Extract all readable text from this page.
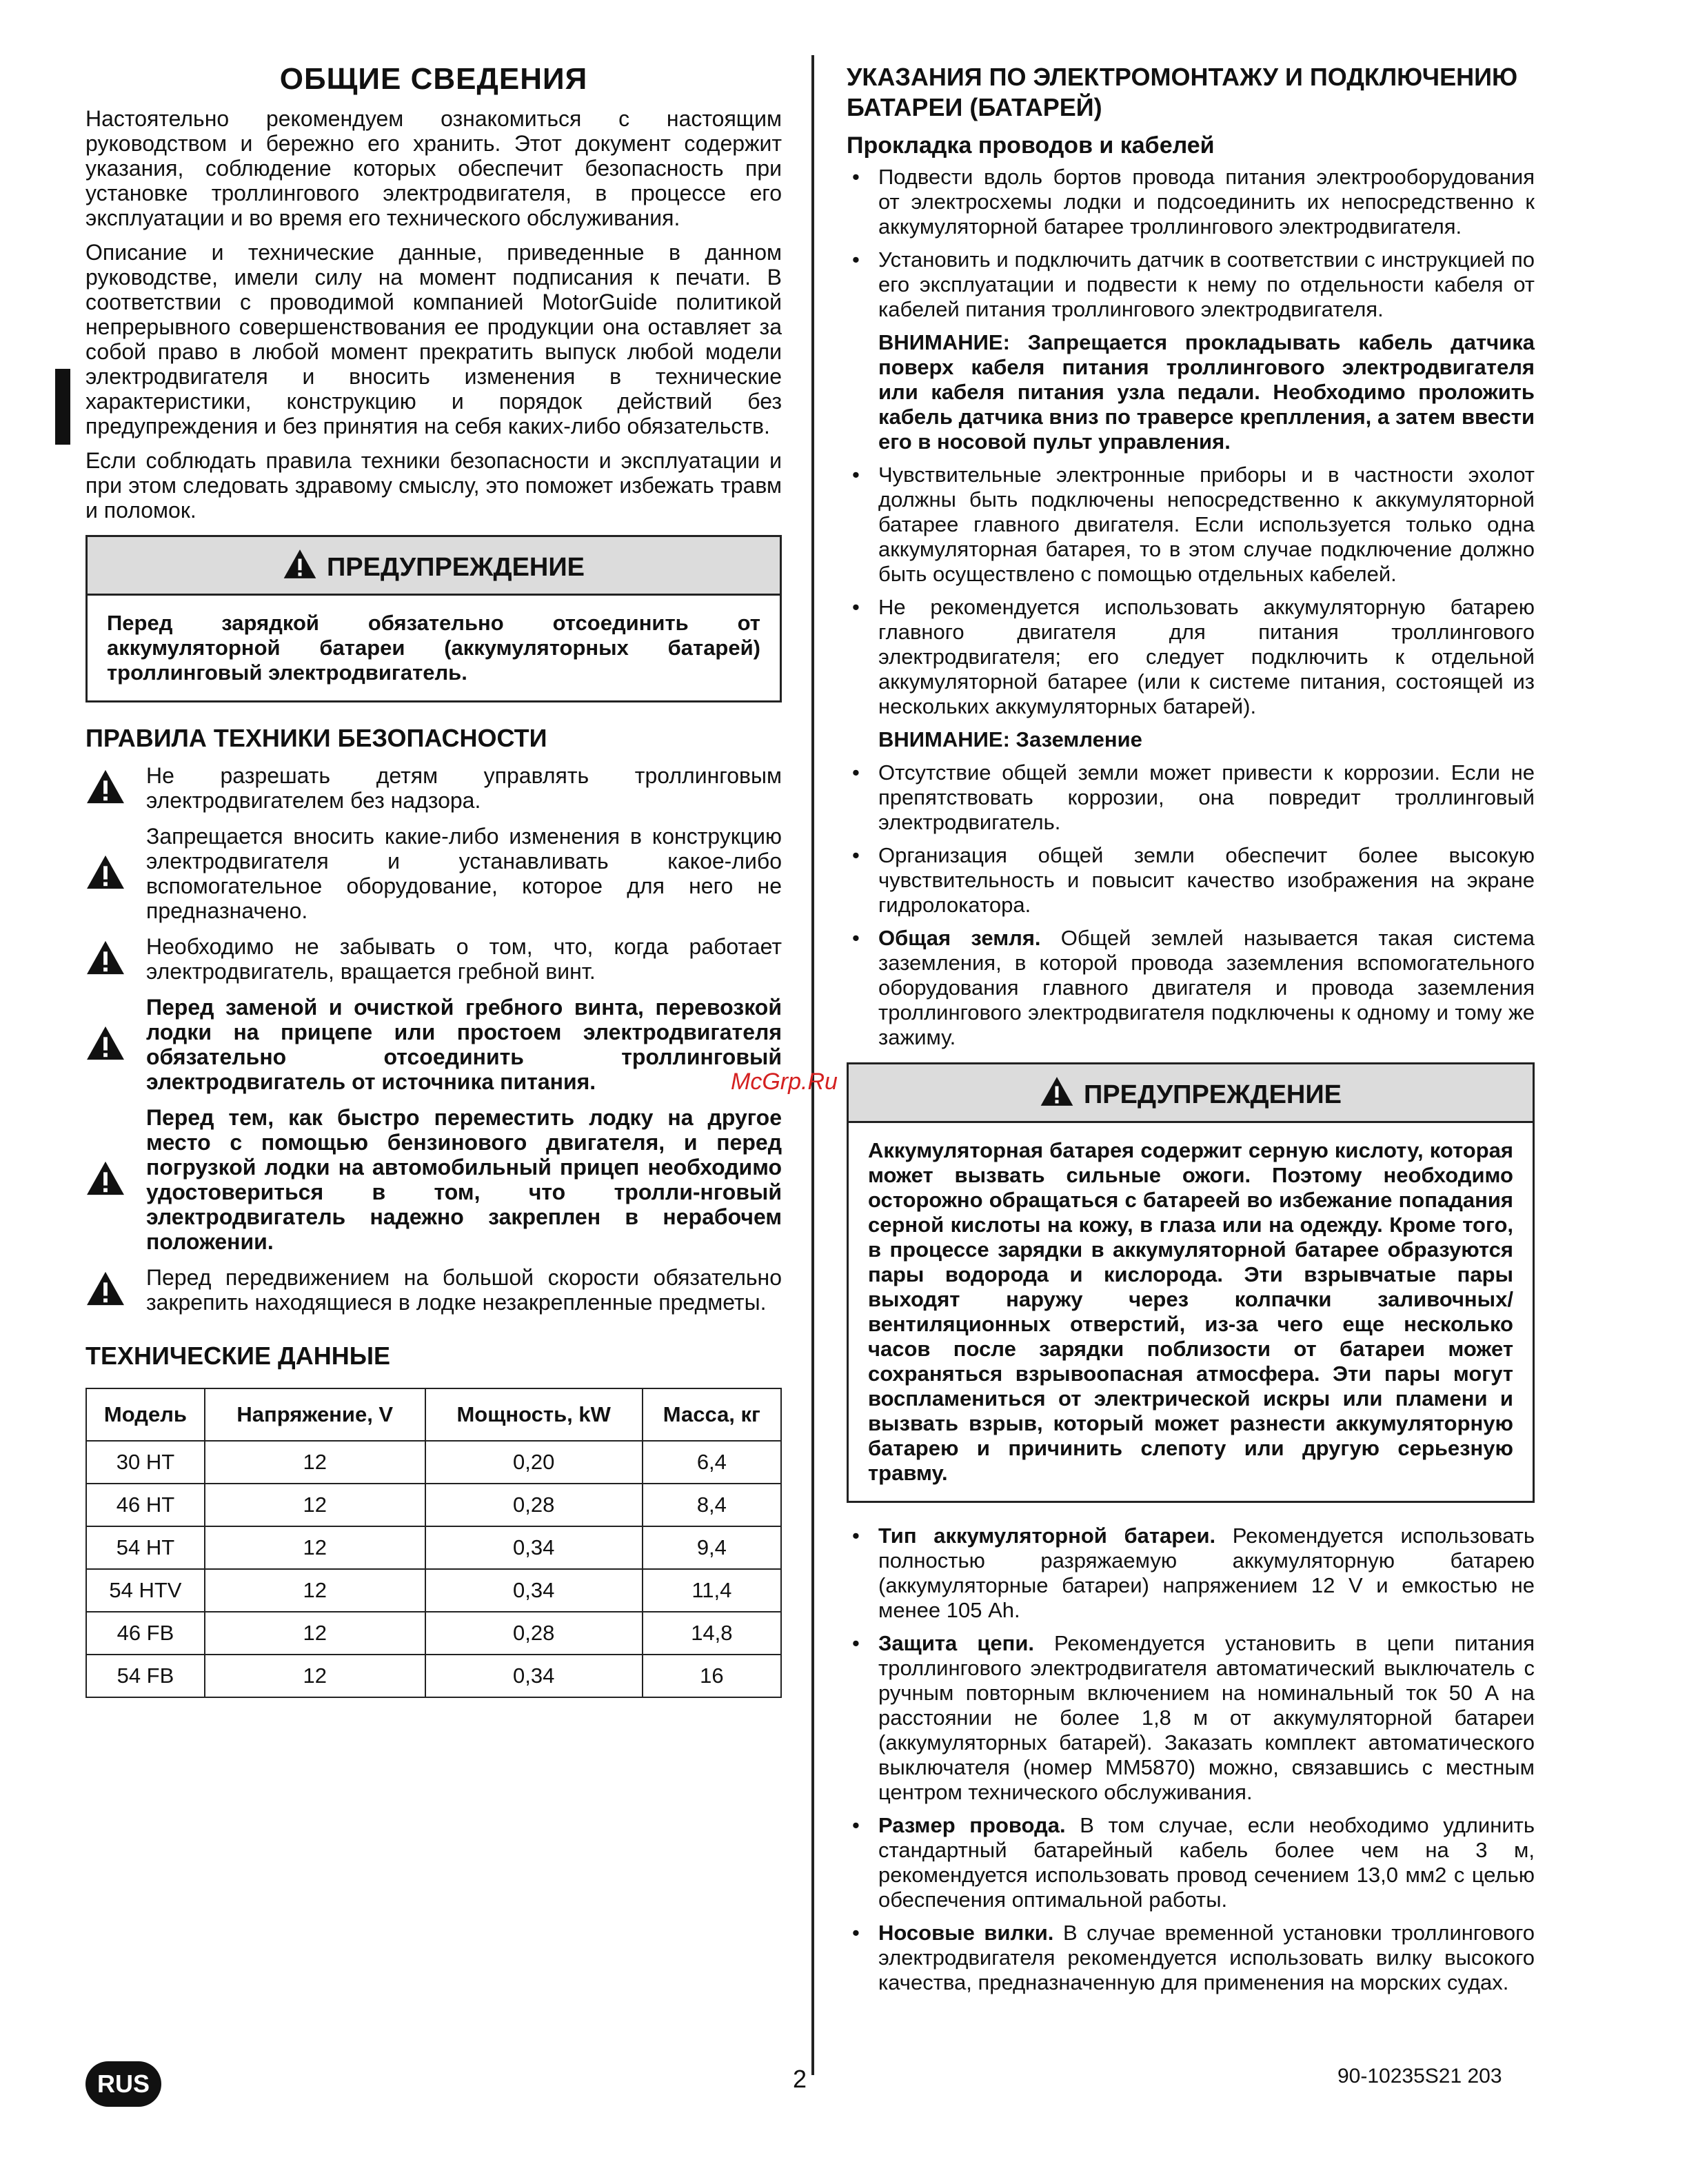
ОБЩИЕ СВЕДЕНИЯ

Настоятельно рекомендуем ознакомиться с настоящим руководством и бережно его хранить. Этот документ содержит указания, соблюдение которых обеспечит безопасность при установке троллингового электродвигателя, в процессе его эксплуатации и во время его технического обслуживания.

Описание и технические данные, приведенные в данном руководстве, имели силу на момент подписания к печати. В соответствии с проводимой компанией MotorGuide политикой непрерывного совершенствования ее продукции она оставляет за собой право в любой момент прекратить выпуск любой модели электродвигателя и вносить изменения в технические характеристики, конструкцию и порядок действий без предупреждения и без принятия на себя каких-либо обязательств.

Если соблюдать правила техники безопасности и эксплуатации и при этом следовать здравому смыслу, это поможет избежать травм и поломок.

ПРЕДУПРЕЖДЕНИЕ
Перед зарядкой обязательно отсоединить от аккумуляторной батареи (аккумуляторных батарей) троллинговый электродвигатель.
ПРАВИЛА ТЕХНИКИ БЕЗОПАСНОСТИ
Не разрешать детям управлять троллинговым электродвигателем без надзора.
Запрещается вносить какие-либо изменения в конструкцию электродвигателя и устанавливать какое-либо вспомогательное оборудование, которое для него не предназначено.
Необходимо не забывать о том, что, когда работает электродвигатель, вращается гребной винт.
Перед заменой и очисткой гребного винта, перевозкой лодки на прицепе или простоем электродвигателя обязательно отсоединить троллинговый электродвигатель от источника питания.
Перед тем, как быстро переместить лодку на другое место с помощью бензинового двигателя, и перед погрузкой лодки на автомобильный прицеп необходимо удостовериться в том, что тролли-нговый электродвигатель надежно закреплен в нерабочем положении.
Перед передвижением на большой скорости обязательно закрепить находящиеся в лодке незакрепленные предметы.
ТЕХНИЧЕСКИЕ ДАННЫЕ
Модель	Напряжение, V	Мощность, kW	Масса, кг
30 HT	12	0,20	6,4
46 HT	12	0,28	8,4
54 HT	12	0,34	9,4
54 HTV	12	0,34	11,4
46 FB	12	0,28	14,8
54 FB	12	0,34	16
УКАЗАНИЯ ПО ЭЛЕКТРОМОНТАЖУ И ПОДКЛЮЧЕНИЮ БАТАРЕИ (БАТАРЕЙ)
Прокладка проводов и кабелей
• Подвести вдоль бортов провода питания электрооборудования от электросхемы лодки и подсоединить их непосредственно к аккумуляторной батарее троллингового электродвигателя.
• Установить и подключить датчик в соответствии с инструкцией по его эксплуатации и подвести к нему по отдельности кабеля от кабелей питания троллингового электродвигателя.
ВНИМАНИЕ: Запрещается прокладывать кабель датчика поверх кабеля питания троллингового электродвигателя или кабеля питания узла педали. Необходимо проложить кабель датчика вниз по траверсе креплления, а затем ввести его в носовой пульт управления.
• Чувствительные электронные приборы и в частности эхолот должны быть подключены непосредственно к аккумуляторной батарее главного двигателя. Если используется только одна аккумуляторная батарея, то в этом случае подключение должно быть осуществлено с помощью отдельных кабелей.
• Не рекомендуется использовать аккумуляторную батарею главного двигателя для питания троллингового электродвигателя; его следует подключить к отдельной аккумуляторной батарее (или к системе питания, состоящей из нескольких аккумуляторных батарей).
ВНИМАНИЕ: Заземление
• Отсутствие общей земли может привести к коррозии. Если не препятствовать коррозии, она повредит троллинговый электродвигатель.
• Организация общей земли обеспечит более высокую чувствительность и повысит качество изображения на экране гидролокатора.
• Общая земля. Общей землей называется такая система заземления, в которой провода заземления вспомогательного оборудования главного двигателя и провода заземления троллингового электродвигателя подключены к одному и тому же зажиму.
ПРЕДУПРЕЖДЕНИЕ
Аккумуляторная батарея содержит серную кислоту, которая может вызвать сильные ожоги. Поэтому необходимо осторожно обращаться с батареей во избежание попадания серной кислоты на кожу, в глаза или на одежду. Кроме того, в процессе зарядки в аккумуляторной батарее образуются пары водорода и кислорода. Эти взрывчатые пары выходят наружу через колпачки заливочных/вентиляционных отверстий, из-за чего еще несколько часов после зарядки поблизости от батареи может сохраняться взрывоопасная атмосфера. Эти пары могут воспламениться от электрической искры или пламени и вызвать взрыв, который может разнести аккумуляторную батарею и причинить слепоту или другую серьезную травму.
• Тип аккумуляторной батареи. Рекомендуется использовать полностью разряжаемую аккумуляторную батарею (аккумуляторные батареи) напряжением 12 V и емкостью не менее 105 Ah.
• Защита цепи. Рекомендуется установить в цепи питания троллингового электродвигателя автоматический выключатель с ручным повторным включением на номинальный ток 50 А на расстоянии не более 1,8 м от аккумуляторной батареи (аккумуляторных батарей). Заказать комплект автоматического выключателя (номер MM5870) можно, связавшись с местным центром технического обслуживания.
• Размер провода. В том случае, если необходимо удлинить стандартный батарейный кабель более чем на 3 м, рекомендуется использовать провод сечением 13,0 мм2 с целью обеспечения оптимальной работы.
• Носовые вилки. В случае временной установки троллингового электродвигателя рекомендуется использовать вилку высокого качества, предназначенную для применения на морских судах.
McGrp.Ru
RUS	2	90-10235S21 203
